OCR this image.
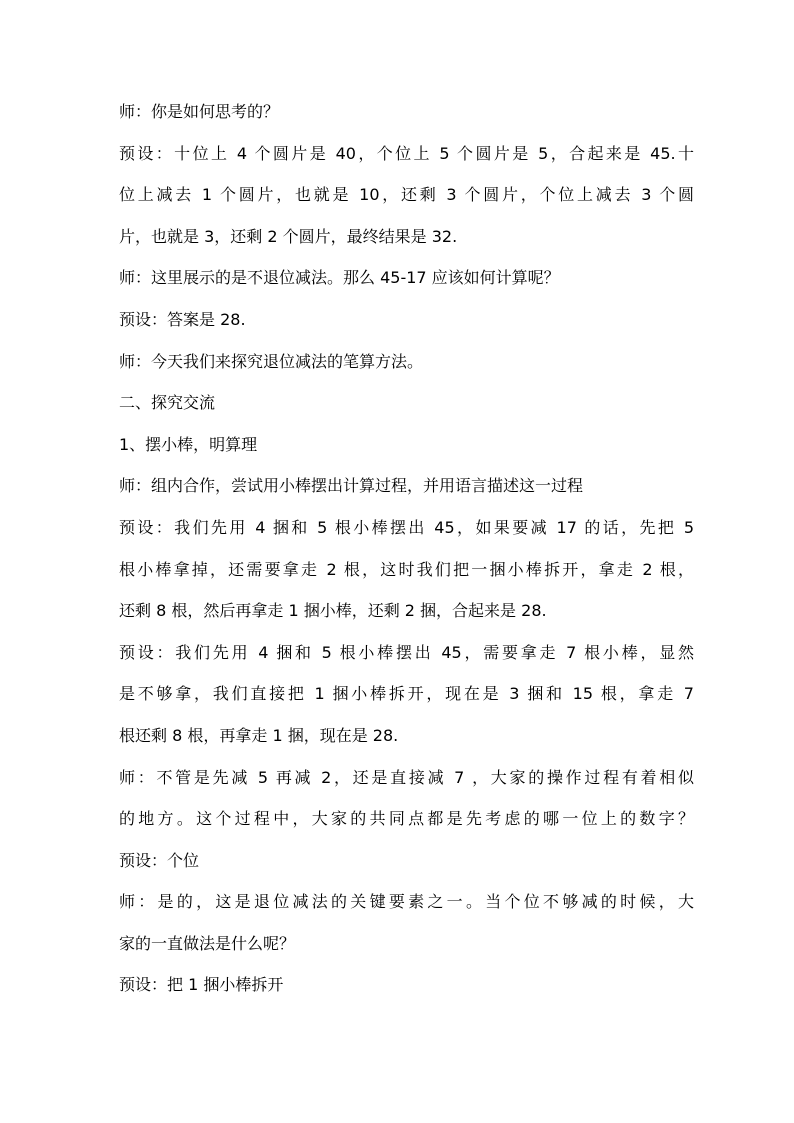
师：你是如何思考的？
预设：十位上 4 个圆片是 40，个位上 5 个圆片是 5，合起来是 45.十
位上减去 1 个圆片，也就是 10，还剩 3 个圆片，个位上减去 3 个圆
片，也就是 3，还剩 2 个圆片，最终结果是 32.
师：这里展示的是不退位减法。那么 45-17 应该如何计算呢？
预设：答案是 28.
师：今天我们来探究退位减法的笔算方法。
二、探究交流
1、摆小棒，明算理
师：组内合作，尝试用小棒摆出计算过程，并用语言描述这一过程
预设：我们先用 4 捆和 5 根小棒摆出 45，如果要减 17 的话，先把 5
根小棒拿掉，还需要拿走 2 根，这时我们把一捆小棒拆开，拿走 2 根，
还剩 8 根，然后再拿走 1 捆小棒，还剩 2 捆，合起来是 28.
预设：我们先用 4 捆和 5 根小棒摆出 45，需要拿走 7 根小棒，显然
是不够拿，我们直接把 1 捆小棒拆开，现在是 3 捆和 15 根，拿走 7
根还剩 8 根，再拿走 1 捆，现在是 28.
师：不管是先减 5 再减 2，还是直接减 7 ，大家的操作过程有着相似
的地方。这个过程中，大家的共同点都是先考虑的哪一位上的数字？
预设：个位
师：是的，这是退位减法的关键要素之一。当个位不够减的时候，大
家的一直做法是什么呢？
预设：把 1 捆小棒拆开
